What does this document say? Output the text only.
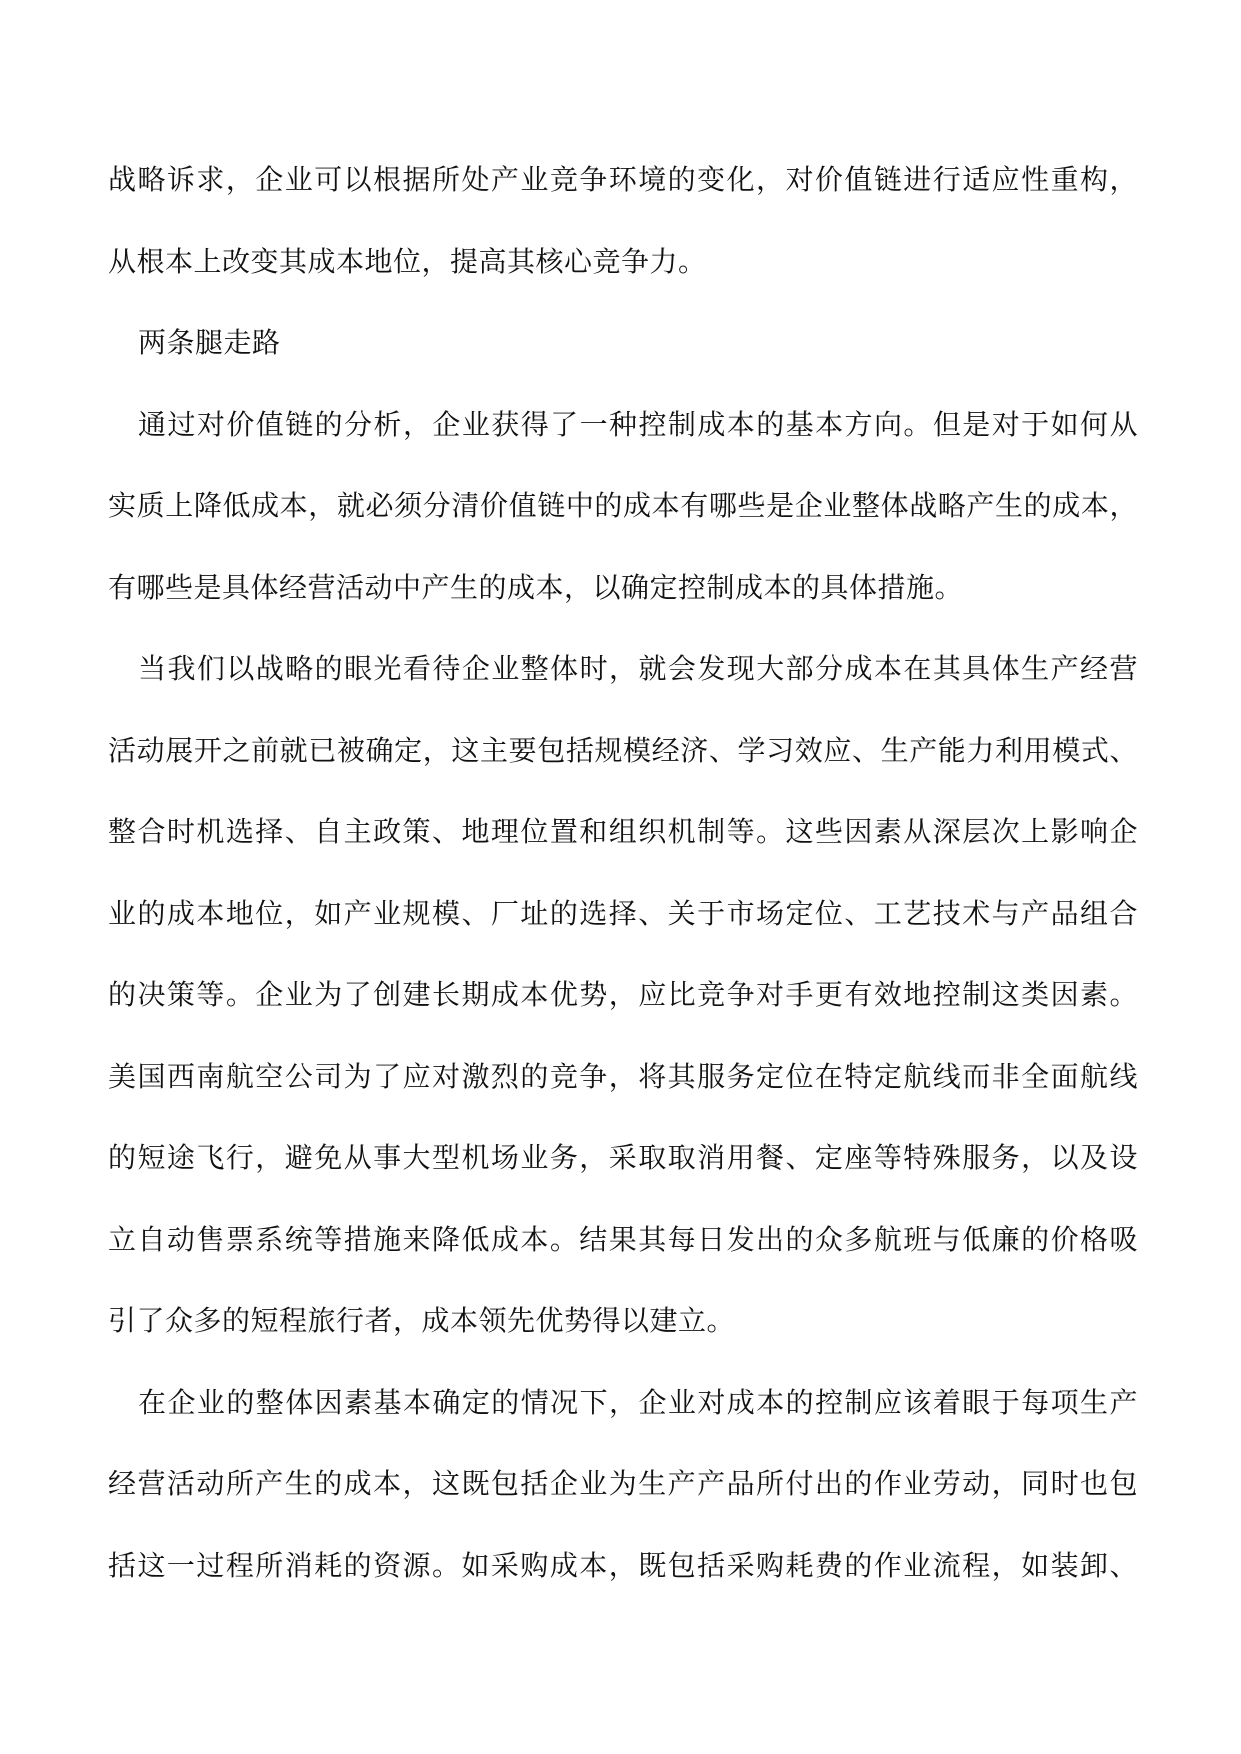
战略诉求，企业可以根据所处产业竞争环境的变化，对价值链进行适应性重构，
从根本上改变其成本地位，提高其核心竞争力。
两条腿走路
通过对价值链的分析，企业获得了一种控制成本的基本方向。但是对于如何从
实质上降低成本，就必须分清价值链中的成本有哪些是企业整体战略产生的成本，
有哪些是具体经营活动中产生的成本，以确定控制成本的具体措施。
当我们以战略的眼光看待企业整体时，就会发现大部分成本在其具体生产经营
活动展开之前就已被确定，这主要包括规模经济、学习效应、生产能力利用模式、
整合时机选择、自主政策、地理位置和组织机制等。这些因素从深层次上影响企
业的成本地位，如产业规模、厂址的选择、关于市场定位、工艺技术与产品组合
的决策等。企业为了创建长期成本优势，应比竞争对手更有效地控制这类因素。
美国西南航空公司为了应对激烈的竞争，将其服务定位在特定航线而非全面航线
的短途飞行，避免从事大型机场业务，采取取消用餐、定座等特殊服务，以及设
立自动售票系统等措施来降低成本。结果其每日发出的众多航班与低廉的价格吸
引了众多的短程旅行者，成本领先优势得以建立。
在企业的整体因素基本确定的情况下，企业对成本的控制应该着眼于每项生产
经营活动所产生的成本，这既包括企业为生产产品所付出的作业劳动，同时也包
括这一过程所消耗的资源。如采购成本，既包括采购耗费的作业流程，如装卸、
